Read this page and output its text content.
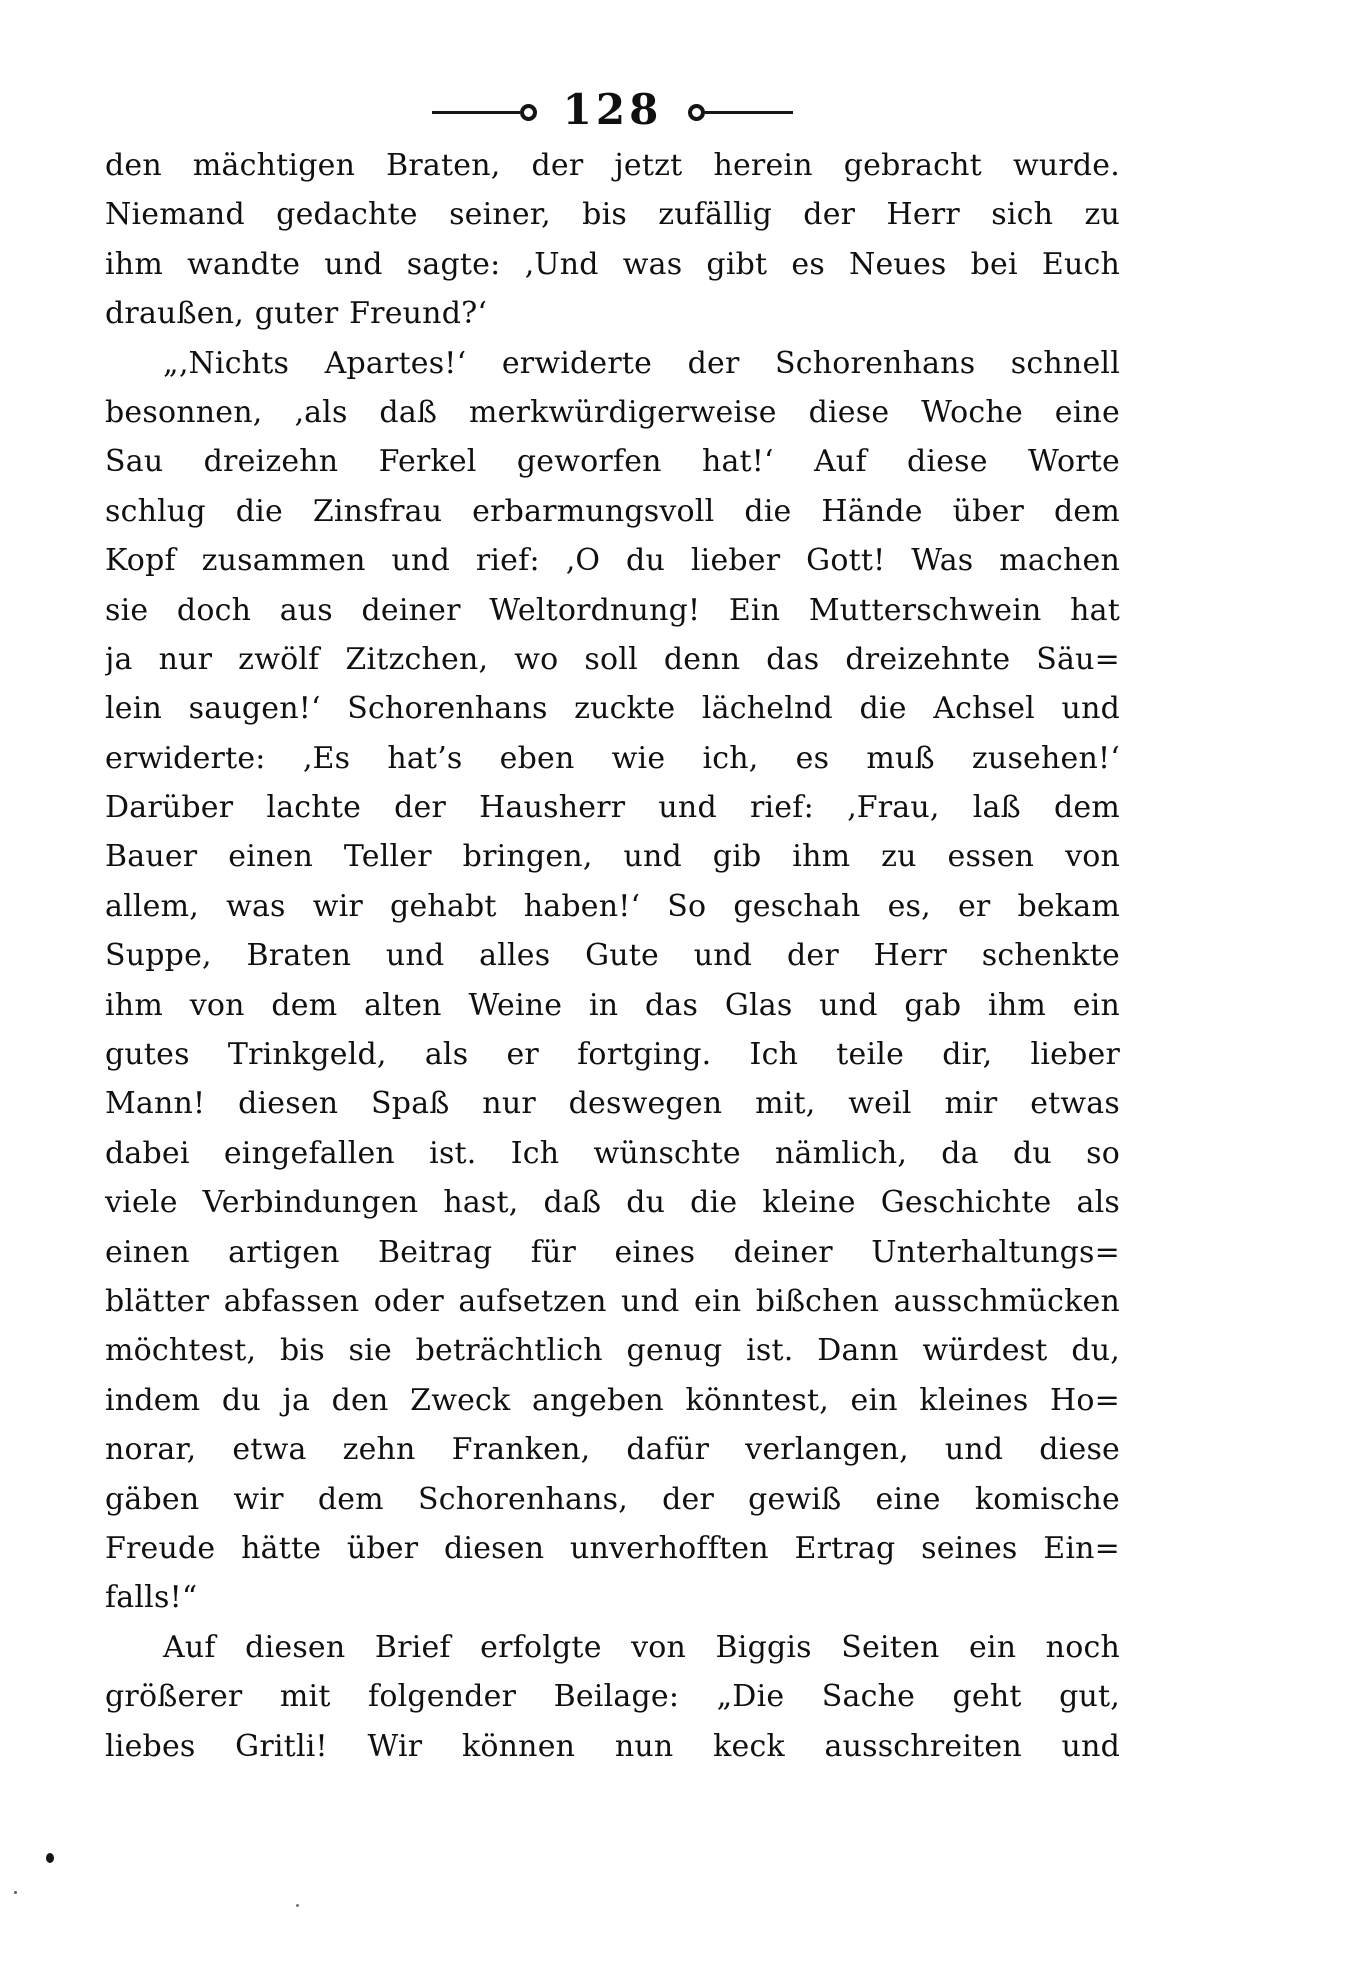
128
den mächtigen Braten, der jetzt herein gebracht wurde.
Niemand gedachte seiner, bis zufällig der Herr sich zu
ihm wandte und sagte: ‚Und was gibt es Neues bei Euch
draußen, guter Freund?‘
„‚Nichts Apartes!‘ erwiderte der Schorenhans schnell
besonnen, ‚als daß merkwürdigerweise diese Woche eine
Sau dreizehn Ferkel geworfen hat!‘ Auf diese Worte
schlug die Zinsfrau erbarmungsvoll die Hände über dem
Kopf zusammen und rief: ‚O du lieber Gott! Was machen
sie doch aus deiner Weltordnung! Ein Mutterschwein hat
ja nur zwölf Zitzchen, wo soll denn das dreizehnte Säu=
lein saugen!‘ Schorenhans zuckte lächelnd die Achsel und
erwiderte: ‚Es hat’s eben wie ich, es muß zusehen!‘
Darüber lachte der Hausherr und rief: ‚Frau, laß dem
Bauer einen Teller bringen, und gib ihm zu essen von
allem, was wir gehabt haben!‘ So geschah es, er bekam
Suppe, Braten und alles Gute und der Herr schenkte
ihm von dem alten Weine in das Glas und gab ihm ein
gutes Trinkgeld, als er fortging. Ich teile dir, lieber
Mann! diesen Spaß nur deswegen mit, weil mir etwas
dabei eingefallen ist. Ich wünschte nämlich, da du so
viele Verbindungen hast, daß du die kleine Geschichte als
einen artigen Beitrag für eines deiner Unterhaltungs=
blätter abfassen oder aufsetzen und ein bißchen ausschmücken
möchtest, bis sie beträchtlich genug ist. Dann würdest du,
indem du ja den Zweck angeben könntest, ein kleines Ho=
norar, etwa zehn Franken, dafür verlangen, und diese
gäben wir dem Schorenhans, der gewiß eine komische
Freude hätte über diesen unverhofften Ertrag seines Ein=
falls!“
Auf diesen Brief erfolgte von Biggis Seiten ein noch
größerer mit folgender Beilage: „Die Sache geht gut,
liebes Gritli! Wir können nun keck ausschreiten und
